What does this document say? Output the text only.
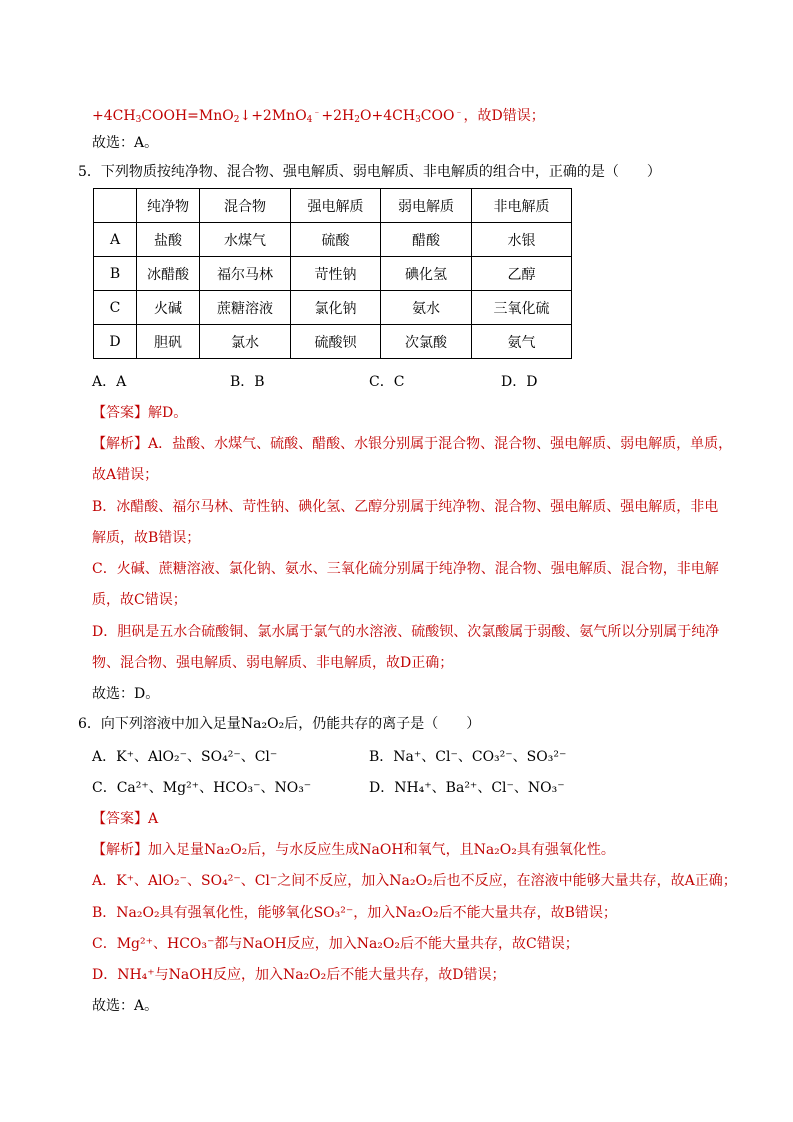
$+4CH_3COOH=MnO_2↓+2MnO_4^﹣+2H_2O+4CH_3COO^﹣$，故D错误；
故选：A。
5．下列物质按纯净物、混合物、强电解质、弱电解质、非电解质的组合中，正确的是（　　）
	纯净物	混合物	强电解质	弱电解质	非电解质
A	盐酸	水煤气	硫酸	醋酸	水银
B	冰醋酸	福尔马林	苛性钠	碘化氢	乙醇
C	火碱	蔗糖溶液	氯化钠	氨水	三氧化硫
D	胆矾	氯水	硫酸钡	次氯酸	氨气
A．A	B．B	C．C	D．D
【答案】解D。
【解析】A．盐酸、水煤气、硫酸、醋酸、水银分别属于混合物、混合物、强电解质、弱电解质，单质，
故A错误；
B．冰醋酸、福尔马林、苛性钠、碘化氢、乙醇分别属于纯净物、混合物、强电解质、强电解质，非电
解质，故B错误；
C．火碱、蔗糖溶液、氯化钠、氨水、三氧化硫分别属于纯净物、混合物、强电解质、混合物，非电解
质，故C错误；
D．胆矾是五水合硫酸铜、氯水属于氯气的水溶液、硫酸钡、次氯酸属于弱酸、氨气所以分别属于纯净
物、混合物、强电解质、弱电解质、非电解质，故D正确；
故选：D。
6．向下列溶液中加入足量Na₂O₂后，仍能共存的离子是（　　）
A．K⁺、AlO₂⁻、SO₄²⁻、Cl⁻	B．Na⁺、Cl⁻、CO₃²⁻、SO₃²⁻
C．Ca²⁺、Mg²⁺、HCO₃⁻、NO₃⁻	D．NH₄⁺、Ba²⁺、Cl⁻、NO₃⁻
【答案】A
【解析】加入足量Na₂O₂后，与水反应生成NaOH和氧气，且Na₂O₂具有强氧化性。
A．K⁺、AlO₂⁻、SO₄²⁻、Cl⁻之间不反应，加入Na₂O₂后也不反应，在溶液中能够大量共存，故A正确；
B．Na₂O₂具有强氧化性，能够氧化SO₃²⁻，加入Na₂O₂后不能大量共存，故B错误；
C．Mg²⁺、HCO₃⁻都与NaOH反应，加入Na₂O₂后不能大量共存，故C错误；
D．NH₄⁺与NaOH反应，加入Na₂O₂后不能大量共存，故D错误；
故选：A。
